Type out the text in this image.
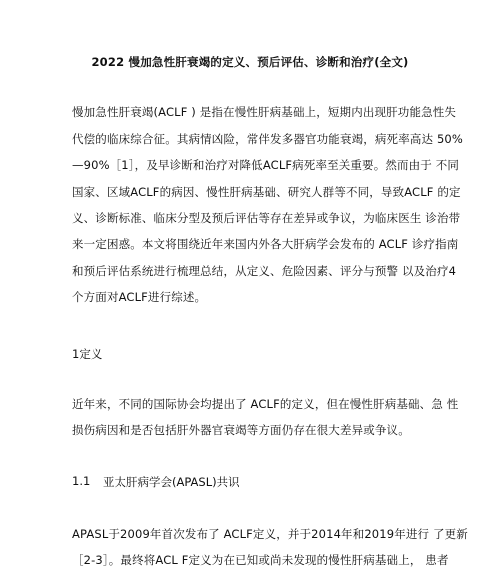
2022 慢加急性肝衰竭的定义、预后评估、诊断和治疗(全文)
慢加急性肝衰竭(ACLF ) 是指在慢性肝病基础上，短期内出现肝功能急性失
代偿的临床综合征。其病情凶险，常伴发多器官功能衰竭，病死率高达 50%
—90%［1］，及早诊断和治疗对降低ACLF病死率至关重要。然而由于 不同
国家、区域ACLF的病因、慢性肝病基础、研究人群等不同，导致ACLF 的定
义、诊断标准、临床分型及预后评估等存在差异或争议，为临床医生 诊治带
来一定困惑。本文将围绕近年来国内外各大肝病学会发布的 ACLF 诊疗指南
和预后评估系统进行梳理总结，从定义、危险因素、评分与预警 以及治疗4
个方面对ACLF进行综述。
1定义
近年来，不同的国际协会均提出了 ACLF的定义，但在慢性肝病基础、急 性
损伤病因和是否包括肝外器官衰竭等方面仍存在很大差异或争议。
1.1 亚太肝病学会(APASL)共识
APASL于2009年首次发布了 ACLF定义，并于2014年和2019年进行 了更新
［2-3］。最终将ACL F定义为在已知或尚未发现的慢性肝病基础上， 患者
